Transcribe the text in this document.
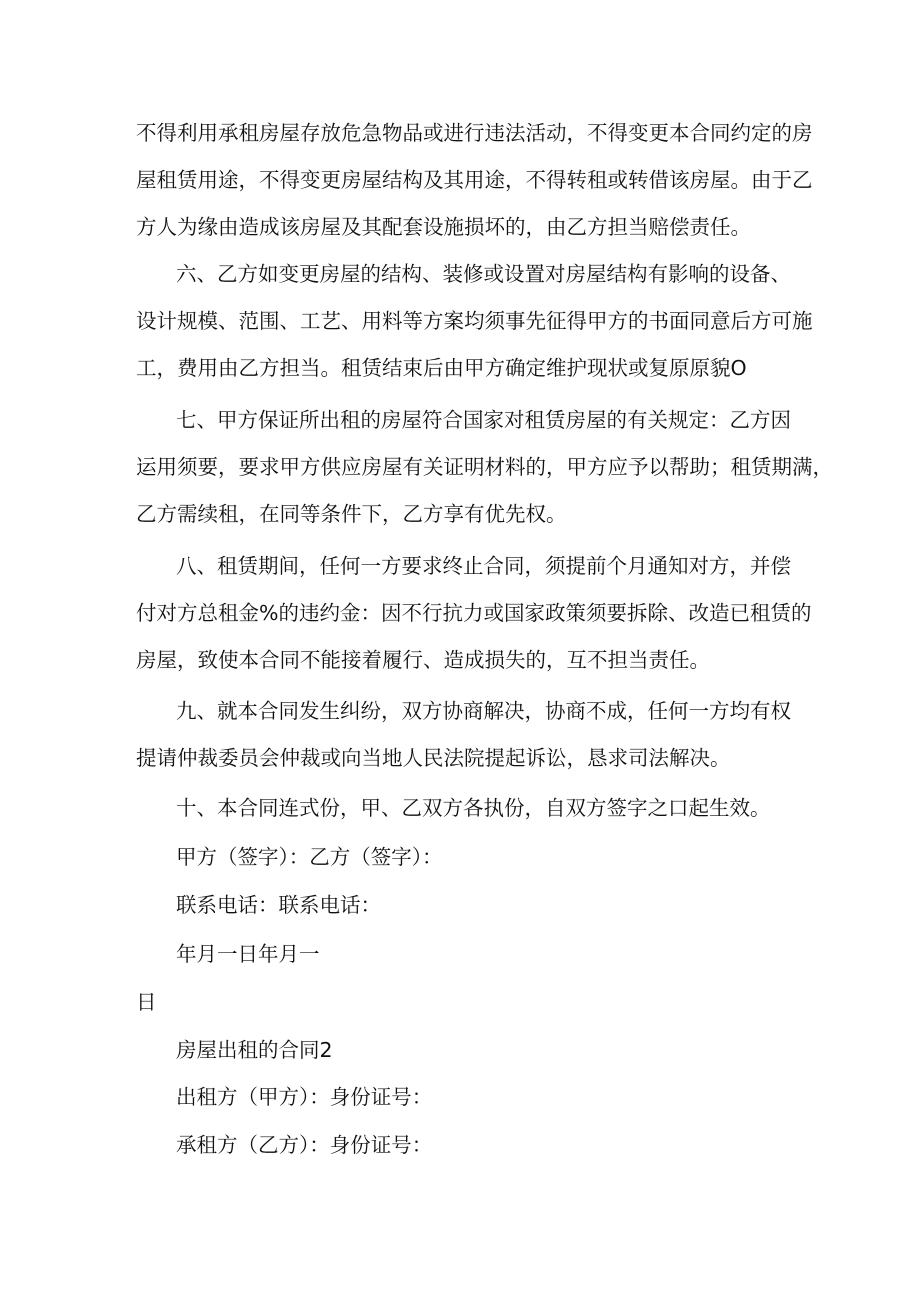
不得利用承租房屋存放危急物品或进行违法活动，不得变更本合同约定的房
屋租赁用途，不得变更房屋结构及其用途，不得转租或转借该房屋。由于乙
方人为缘由造成该房屋及其配套设施损坏的，由乙方担当赔偿责任。
六、乙方如变更房屋的结构、装修或设置对房屋结构有影响的设备、
设计规模、范围、工艺、用料等方案均须事先征得甲方的书面同意后方可施
工，费用由乙方担当。租赁结束后由甲方确定维护现状或复原原貌O
七、甲方保证所出租的房屋符合国家对租赁房屋的有关规定：乙方因
运用须要，要求甲方供应房屋有关证明材料的，甲方应予以帮助；租赁期满，
乙方需续租，在同等条件下，乙方享有优先权。
八、租赁期间，任何一方要求终止合同，须提前个月通知对方，并偿
付对方总租金%的违约金：因不行抗力或国家政策须要拆除、改造已租赁的
房屋，致使本合同不能接着履行、造成损失的，互不担当责任。
九、就本合同发生纠纷，双方协商解决，协商不成，任何一方均有权
提请仲裁委员会仲裁或向当地人民法院提起诉讼，恳求司法解决。
十、本合同连式份，甲、乙双方各执份，自双方签字之口起生效。
甲方（签字）：乙方（签字）：
联系电话：联系电话：
年月一日年月一
日
房屋出租的合同2
出租方（甲方）：身份证号：
承租方（乙方）：身份证号：
